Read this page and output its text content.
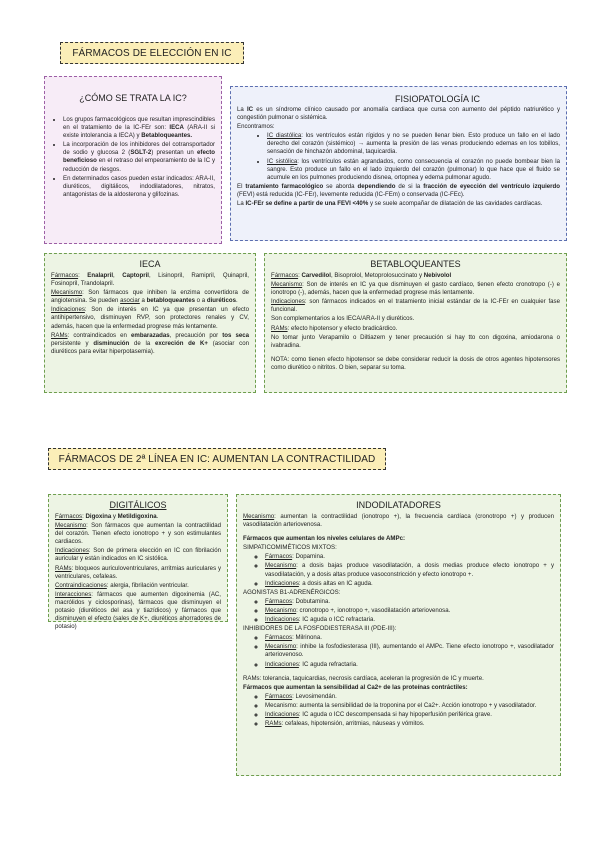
FÁRMACOS DE ELECCIÓN EN IC
¿CÓMO SE TRATA LA IC?
• Los grupos farmacológicos que resultan imprescindibles en el tratamiento de la IC-FEr son: IECA (ARA-II si existe intolerancia a IECA) y Betabloqueantes.
• La incorporación de los inhibidores del cotransportador de sodio y glucosa 2 (SGLT-2) presentan un efecto beneficioso en el retraso del empeoramiento de la IC y reducción de riesgos.
• En determinados casos pueden estar indicados: ARA-II, diuréticos, digitálicos, indodilatadores, nitratos, antagonistas de la aldosterona y glifozinas.
FISIOPATOLOGÍA IC

La IC es un síndrome clínico causado por anomalía cardiaca que cursa con aumento del péptido natriurético y congestión pulmonar o sistémica.

Encontramos:

• IC diastólica: los ventrículos están rígidos y no se pueden llenar bien. Esto produce un fallo en el lado derecho del corazón (sistémico) → aumenta la presión de las venas produciendo edemas en los tobillos, sensación de hinchazón abdominal, taquicardia.
• IC sistólica: los ventrículos están agrandados, como consecuencia el corazón no puede bombear bien la sangre. Esto produce un fallo en el lado izquierdo del corazón (pulmonar) lo que hace que el fluido se acumule en los pulmones produciendo disnea, ortopnea y edema pulmonar agudo.

El tratamiento farmacológico se aborda dependiendo de si la fracción de eyección del ventrículo izquierdo (FEVI) está reducida (IC-FEr), levemente reducida (IC-FEm) o conservada (IC-FEc).

La IC-FEr se define a partir de una FEVI <40% y se suele acompañar de dilatación de las cavidades cardíacas.

IECA

Fármacos: Enalapril, Captopril, Lisinopril, Ramipril, Quinapril, Fosinopril, Trandolapril.

Mecanismo: Son fármacos que inhiben la enzima convertidora de angiotensina. Se pueden asociar a betabloqueantes o a diuréticos.

Indicaciones: Son de interés en IC ya que presentan un efecto antihipertensivo, disminuyen RVP, son protectores renales y CV, además, hacen que la enfermedad progrese más lentamente.

RAMs: contraindicados en embarazadas, precaución por tos seca persistente y disminución de la excreción de K+ (asociar con diuréticos para evitar hiperpotasemia).

BETABLOQUEANTES

Fármacos: Carvedilol, Bisoprolol, Metoprolosuccinato y Nebivolol

Mecanismo: Son de interés en IC ya que disminuyen el gasto cardíaco, tienen efecto cronotropo (-) e ionotropo (-), además, hacen que la enfermedad progrese más lentamente.

Indicaciones: son fármacos indicados en el tratamiento inicial estándar de la IC-FEr en cualquier fase funcional.

Son complementarios a los IECA/ARA-II y diuréticos.

RAMs: efecto hipotensor y efecto bradicárdico.

No tomar junto Verapamilo o Diltiazem y tener precaución si hay tto con digoxina, amiodarona o ivabradina.

NOTA: como tienen efecto hipotensor se debe considerar reducir la dosis de otros agentes hipotensores como diurético o nitritos. O bien, separar su toma.

FÁRMACOS DE 2ª LÍNEA EN IC: AUMENTAN LA CONTRACTILIDAD
DIGITÁLICOS

Fármacos: Digoxina y Metildigoxina.

Mecanismo: Son fármacos que aumentan la contractilidad del corazón. Tienen efecto ionotropo + y son estimulantes cardiacos.

Indicaciones: Son de primera elección en IC con fibrilación auricular y están indicados en IC sistólica.

RAMs: bloqueos auriculoventriculares, arritmias auriculares y ventriculares, cefaleas.

Contraindicaciones: alergia, fibrilación ventricular.

Interacciones: fármacos que aumenten digoxinemia (AC, macrólidos y ciclosporinas), fármacos que disminuyen el potasio (diuréticos del asa y tiazídicos) y fármacos que disminuyen el efecto (sales de K+, diuréticos ahorradores de potasio)

INDODILATADORES

Mecanismo: aumentan la contractilidad (ionotropo +), la frecuencia cardíaca (cronotropo +) y producen vasodilatación arteriovenosa.

Fármacos que aumentan los niveles celulares de AMPc:

SIMPATICOMIMÉTICOS MIXTOS:

◦ Fármacos: Dopamina.
◦ Mecanismo: a dosis bajas produce vasodilatación, a dosis medias produce efecto ionotropo + y vasodilatación, y a dosis altas produce vasoconstricción y efecto ionotropo +.
◦ Indicaciones: a dosis altas en IC aguda.

AGONISTAS B1-ADRENÉRGICOS:

◦ Fármacos: Dobutamina.
◦ Mecanismo: cronotropo +, ionotropo +, vasodilatación arteriovenosa.
◦ Indicaciones: IC aguda o ICC refractaria.

INHIBIDORES DE LA FOSFODIESTERASA III (PDE-III):

◦ Fármacos: Milrinona.
◦ Mecanismo: inhibe la fosfodiesterasa (III), aumentando el AMPc. Tiene efecto ionotropo +, vasodilatador arteriovenoso.
◦ Indicaciones: IC aguda refractaria.

RAMs: tolerancia, taquicardias, necrosis cardíaca, aceleran la progresión de IC y muerte.

Fármacos que aumentan la sensibilidad al Ca2+ de las proteínas contráctiles:

◦ Fármacos: Levosimendán.
◦ Mecanismo: aumenta la sensibilidad de la troponina por el Ca2+. Acción ionotropo + y vasodilatador.
◦ Indicaciones: IC aguda o ICC descompensada si hay hipoperfusión periférica grave.
◦ RAMs: cefaleas, hipotensión, arritmias, náuseas y vómitos.
